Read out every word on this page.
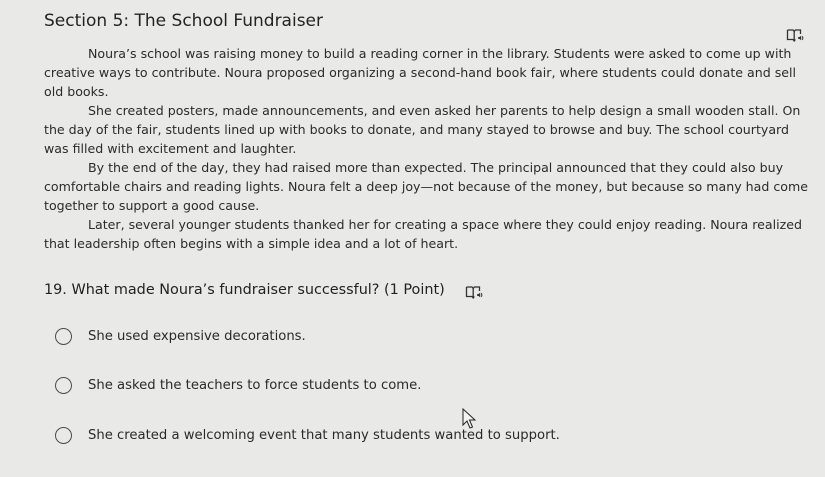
Section 5: The School Fundraiser

Noura’s school was raising money to build a reading corner in the library. Students were asked to come up with creative ways to contribute. Noura proposed organizing a second-hand book fair, where students could donate and sell old books.

She created posters, made announcements, and even asked her parents to help design a small wooden stall. On the day of the fair, students lined up with books to donate, and many stayed to browse and buy. The school courtyard was filled with excitement and laughter.

By the end of the day, they had raised more than expected. The principal announced that they could also buy comfortable chairs and reading lights. Noura felt a deep joy—not because of the money, but because so many had come together to support a good cause.

Later, several younger students thanked her for creating a space where they could enjoy reading. Noura realized that leadership often begins with a simple idea and a lot of heart.

19. What made Noura’s fundraiser successful? (1 Point)
She used expensive decorations.
She asked the teachers to force students to come.
She created a welcoming event that many students wanted to support.
